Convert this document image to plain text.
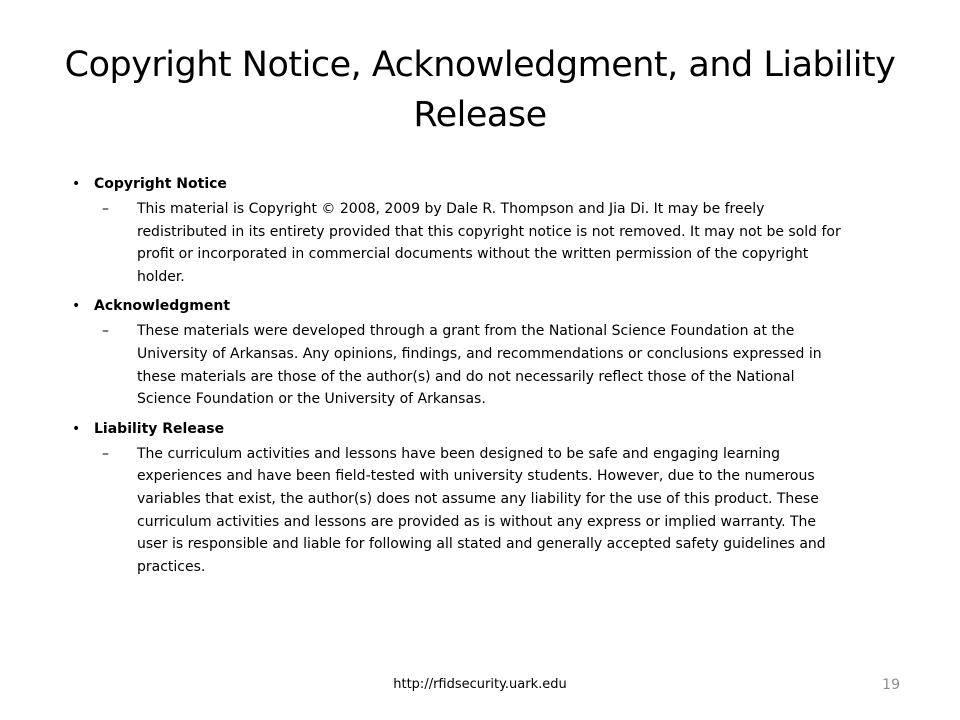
Copyright Notice, Acknowledgment, and Liability Release
• Copyright Notice
–	This material is Copyright © 2008, 2009 by Dale R. Thompson and Jia Di. It may be freely
redistributed in its entirety provided that this copyright notice is not removed. It may not be sold for
profit or incorporated in commercial documents without the written permission of the copyright
holder.
• Acknowledgment
–	These materials were developed through a grant from the National Science Foundation at the
University of Arkansas. Any opinions, findings, and recommendations or conclusions expressed in
these materials are those of the author(s) and do not necessarily reflect those of the National
Science Foundation or the University of Arkansas.
• Liability Release
–	The curriculum activities and lessons have been designed to be safe and engaging learning
experiences and have been field-tested with university students. However, due to the numerous
variables that exist, the author(s) does not assume any liability for the use of this product. These
curriculum activities and lessons are provided as is without any express or implied warranty. The
user is responsible and liable for following all stated and generally accepted safety guidelines and
practices.
http://rfidsecurity.uark.edu	19
